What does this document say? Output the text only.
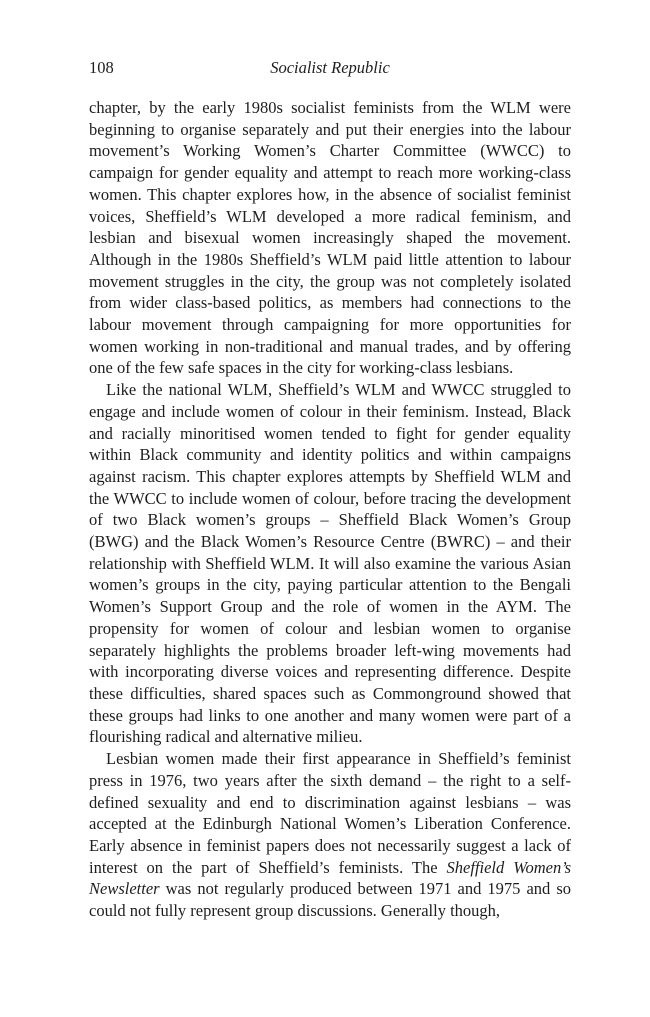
108	Socialist Republic

chapter, by the early 1980s socialist feminists from the WLM were beginning to organise separately and put their energies into the labour movement’s Working Women’s Charter Committee (WWCC) to campaign for gender equality and attempt to reach more working-class women. This chapter explores how, in the absence of socialist feminist voices, Sheffield’s WLM developed a more radical feminism, and lesbian and bisexual women increasingly shaped the movement. Although in the 1980s Sheffield’s WLM paid little attention to labour movement struggles in the city, the group was not completely isolated from wider class-based politics, as members had connections to the labour movement through campaigning for more opportunities for women working in non-traditional and manual trades, and by offering one of the few safe spaces in the city for working-class lesbians.

Like the national WLM, Sheffield’s WLM and WWCC struggled to engage and include women of colour in their feminism. Instead, Black and racially minoritised women tended to fight for gender equality within Black community and identity politics and within campaigns against racism. This chapter explores attempts by Sheffield WLM and the WWCC to include women of colour, before tracing the development of two Black women’s groups – Sheffield Black Women’s Group (BWG) and the Black Women’s Resource Centre (BWRC) – and their relationship with Sheffield WLM. It will also examine the various Asian women’s groups in the city, paying particular attention to the Bengali Women’s Support Group and the role of women in the AYM. The propensity for women of colour and lesbian women to organise separately highlights the problems broader left-wing movements had with incorporating diverse voices and representing difference. Despite these difficulties, shared spaces such as Commonground showed that these groups had links to one another and many women were part of a flourishing radical and alternative milieu.

Lesbian women made their first appearance in Sheffield’s feminist press in 1976, two years after the sixth demand – the right to a self-defined sexuality and end to discrimination against lesbians – was accepted at the Edinburgh National Women’s Liberation Conference. Early absence in feminist papers does not necessarily suggest a lack of interest on the part of Sheffield’s feminists. The Sheffield Women’s Newsletter was not regularly produced between 1971 and 1975 and so could not fully represent group discussions. Generally though,
